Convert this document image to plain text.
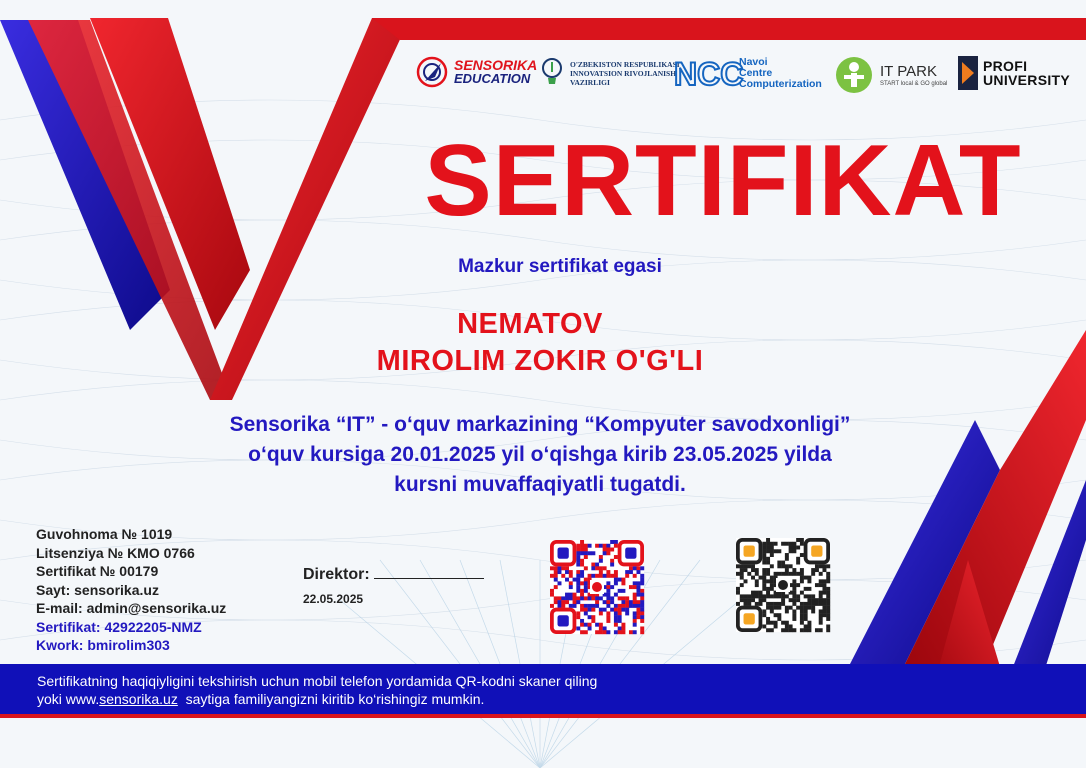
SENSORIKA
EDUCATION
O'ZBEKISTON RESPUBLIKASI
INNOVATSION RIVOJLANISH
VAZIRLIGI	NCC
Navoi
Centre
Computerization
IT PARK
START local & GO global
PROFI
UNIVERSITY
SERTIFIKAT
Mazkur sertifikat egasi
NEMATOV
MIROLIM ZOKIR O'G'LI
Sensorika “IT” - o‘quv markazining “Kompyuter savodxonligi”
o‘quv kursiga 20.01.2025 yil o‘qishga kirib 23.05.2025 yilda
kursni muvaffaqiyatli tugatdi.
Guvohnoma № 1019
Litsenziya № KMO 0766
Sertifikat № 00179
Sayt: sensorika.uz
E-mail: admin@sensorika.uz
Sertifikat: 42922205-NMZ
Kwork: bmirolim303
Direktor:
22.05.2025
Sertifikatning haqiqiyligini tekshirish uchun mobil telefon yordamida QR-kodni skaner qiling
yoki www.sensorika.uz  saytiga familiyangizni kiritib ko‘rishingiz mumkin.
